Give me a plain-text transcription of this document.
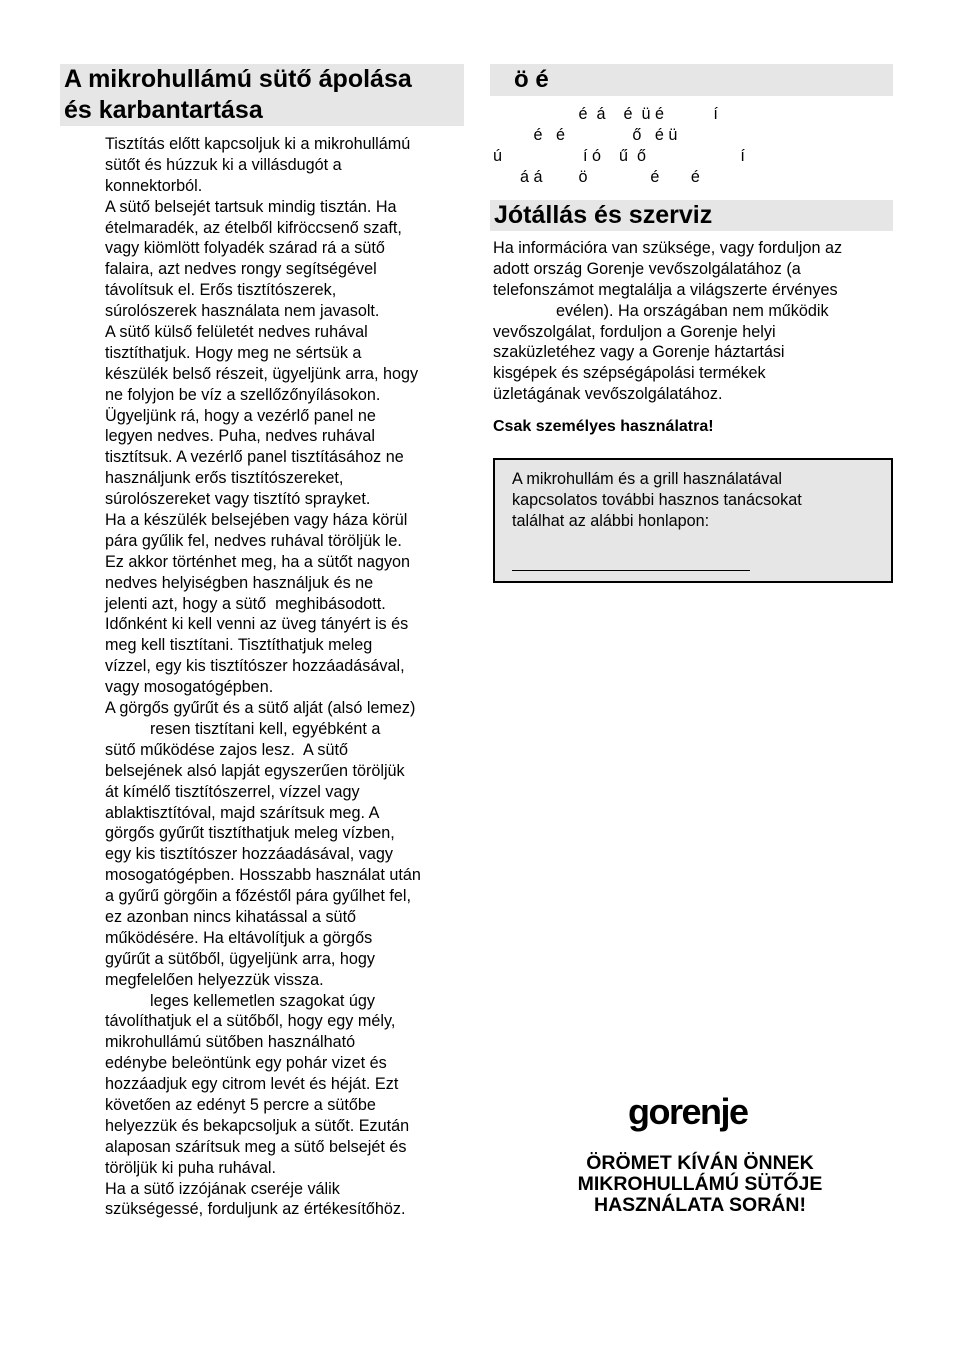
A mikrohullámú sütő ápolása
és karbantartása
Tisztítás előtt kapcsoljuk ki a mikrohullámú
sütőt és húzzuk ki a villásdugót a
konnektorból.
A sütő belsejét tartsuk mindig tisztán. Ha
ételmaradék, az ételből kifröccsenő szaft,
vagy kiömlött folyadék szárad rá a sütő
falaira, azt nedves rongy segítségével
távolítsuk el. Erős tisztítószerek,
súrolószerek használata nem javasolt.
A sütő külső felületét nedves ruhával
tisztíthatjuk. Hogy meg ne sértsük a
készülék belső részeit, ügyeljünk arra, hogy
ne folyjon be víz a szellőzőnyílásokon.
Ügyeljünk rá, hogy a vezérlő panel ne
legyen nedves. Puha, nedves ruhával
tisztítsuk. A vezérlő panel tisztításához ne
használjunk erős tisztítószereket,
súrolószereket vagy tisztító sprayket.
Ha a készülék belsejében vagy háza körül
pára gyűlik fel, nedves ruhával töröljük le.
Ez akkor történhet meg, ha a sütőt nagyon
nedves helyiségben használjuk és ne
jelenti azt, hogy a sütő  meghibásodott.
Időnként ki kell venni az üveg tányért is és
meg kell tisztítani. Tisztíthatjuk meleg
vízzel, egy kis tisztítószer hozzáadásával,
vagy mosogatógépben.
A görgős gyűrűt és a sütő alját (alsó lemez)
resen tisztítani kell, egyébként a
sütő működése zajos lesz.  A sütő
belsejének alsó lapját egyszerűen töröljük
át kímélő tisztítószerrel, vízzel vagy
ablaktisztítóval, majd szárítsuk meg. A
görgős gyűrűt tisztíthatjuk meleg vízben,
egy kis tisztítószer hozzáadásával, vagy
mosogatógépben. Hosszabb használat után
a gyűrű görgőin a főzéstől pára gyűlhet fel,
ez azonban nincs kihatással a sütő
működésére. Ha eltávolítjuk a görgős
gyűrűt a sütőből, ügyeljünk arra, hogy
megfelelően helyezzük vissza.
leges kellemetlen szagokat úgy
távolíthatjuk el a sütőből, hogy egy mély,
mikrohullámú sütőben használható
edénybe beleöntünk egy pohár vizet és
hozzáadjuk egy citrom levét és héját. Ezt
követően az edényt 5 percre a sütőbe
helyezzük és bekapcsoljuk a sütőt. Ezután
alaposan szárítsuk meg a sütő belsejét és
töröljük ki puha ruhával.
Ha a sütő izzójának cseréje válik
szükségessé, forduljunk az értékesítőhöz.
ö é
é  á    é  ü é           í
é   é               ő   é ü
ú                  í ó    ű  ő                     í
á á        ö              é       é
Jótállás és szerviz
Ha információra van szüksége, vagy forduljon az
adott ország Gorenje vevőszolgálatához (a
telefonszámot megtalálja a világszerte érvényes
evélen). Ha országában nem működik
vevőszolgálat, forduljon a Gorenje helyi
szaküzletéhez vagy a Gorenje háztartási
kisgépek és szépségápolási termékek
üzletágának vevőszolgálatához.
Csak személyes használatra!
A mikrohullám és a grill használatával
kapcsolatos további hasznos tanácsokat
találhat az alábbi honlapon:
gorenje
ÖRÖMET KÍVÁN ÖNNEK
MIKROHULLÁMÚ SÜTŐJE
HASZNÁLATA SORÁN!
